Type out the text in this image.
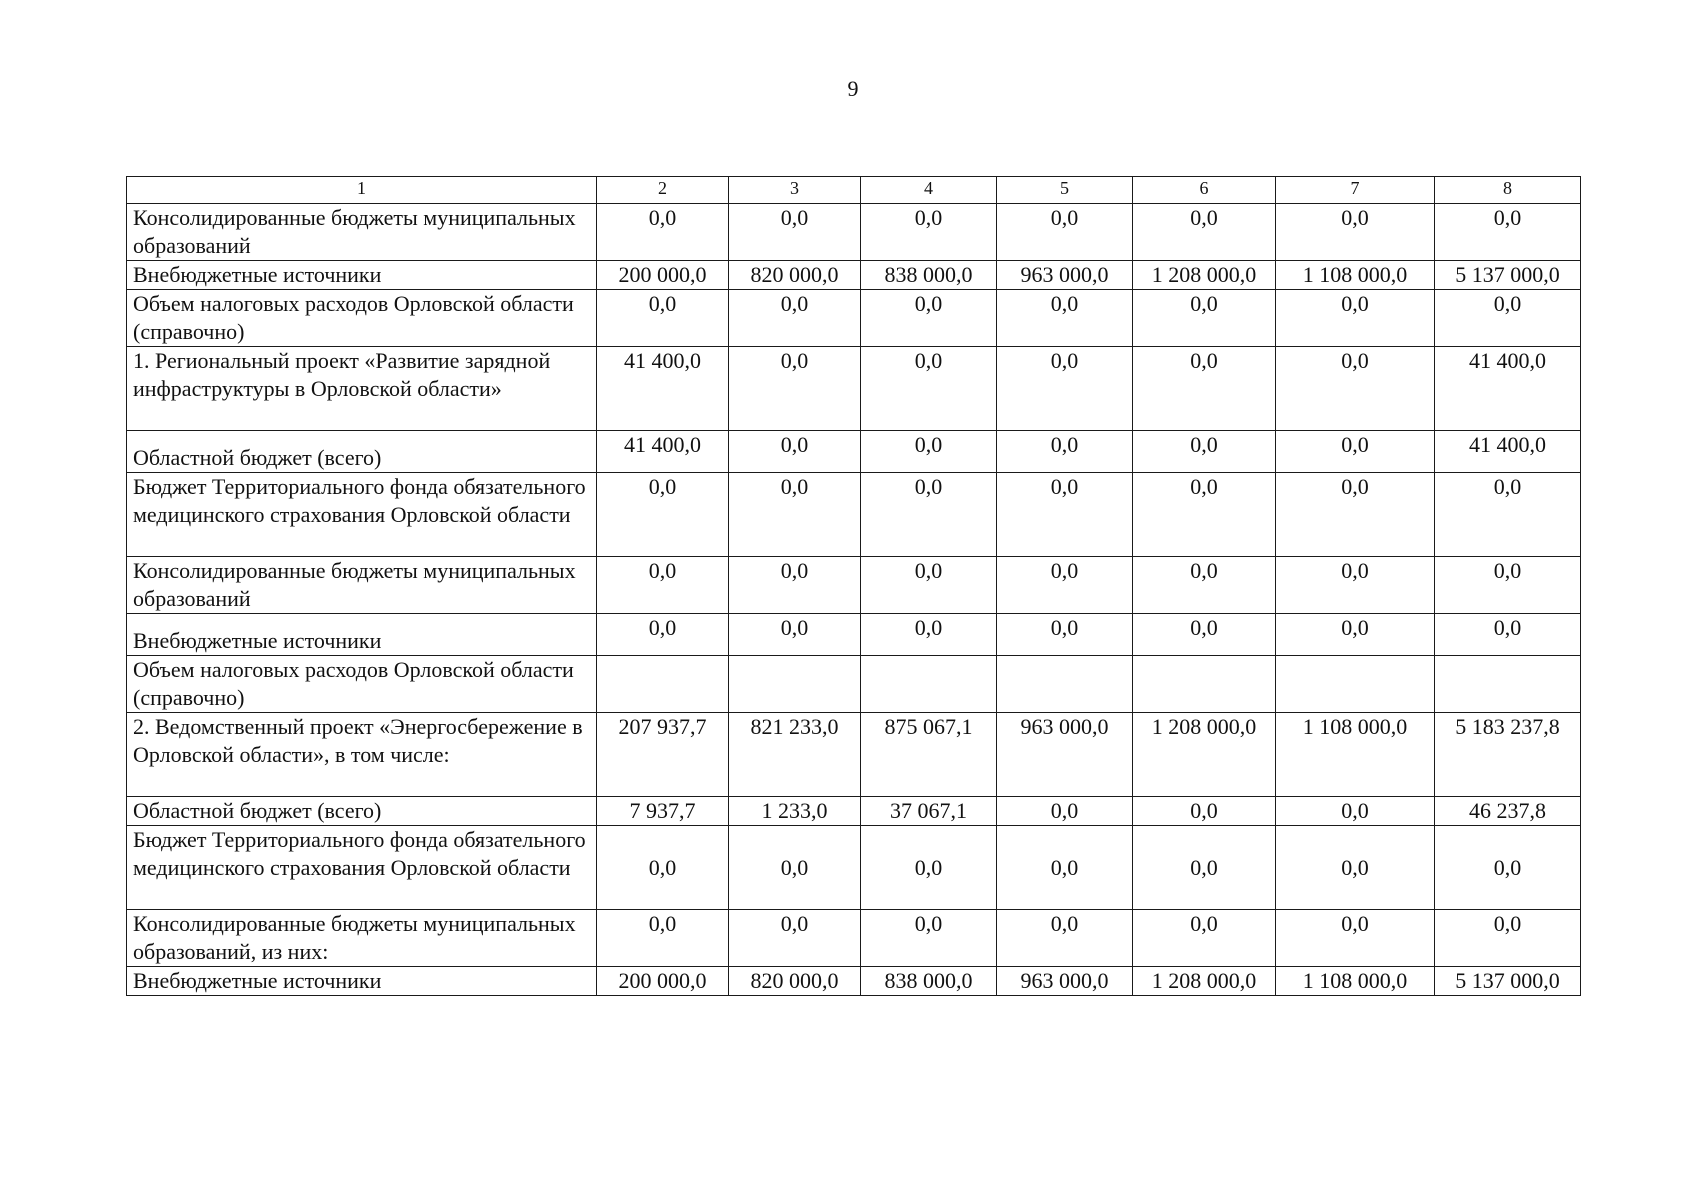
9
1	2	3	4	5	6	7	8
Консолидированные бюджеты муниципальных образований	0,0	0,0	0,0	0,0	0,0	0,0	0,0
Внебюджетные источники	200 000,0	820 000,0	838 000,0	963 000,0	1 208 000,0	1 108 000,0	5 137 000,0
Объем налоговых расходов Орловской области (справочно)	0,0	0,0	0,0	0,0	0,0	0,0	0,0
1. Региональный проект «Развитие зарядной инфраструктуры в Орловской области»	41 400,0	0,0	0,0	0,0	0,0	0,0	41 400,0
Областной бюджет (всего)	41 400,0	0,0	0,0	0,0	0,0	0,0	41 400,0
Бюджет Территориального фонда обязательного медицинского страхования Орловской области	0,0	0,0	0,0	0,0	0,0	0,0	0,0
Консолидированные бюджеты муниципальных образований	0,0	0,0	0,0	0,0	0,0	0,0	0,0
Внебюджетные источники	0,0	0,0	0,0	0,0	0,0	0,0	0,0
Объем налоговых расходов Орловской области (справочно)							
2. Ведомственный проект «Энергосбережение в Орловской области», в том числе:	207 937,7	821 233,0	875 067,1	963 000,0	1 208 000,0	1 108 000,0	5 183 237,8
Областной бюджет (всего)	7 937,7	1 233,0	37 067,1	0,0	0,0	0,0	46 237,8
Бюджет Территориального фонда обязательного медицинского страхования Орловской области	0,0	0,0	0,0	0,0	0,0	0,0	0,0
Консолидированные бюджеты муниципальных образований, из них:	0,0	0,0	0,0	0,0	0,0	0,0	0,0
Внебюджетные источники	200 000,0	820 000,0	838 000,0	963 000,0	1 208 000,0	1 108 000,0	5 137 000,0
